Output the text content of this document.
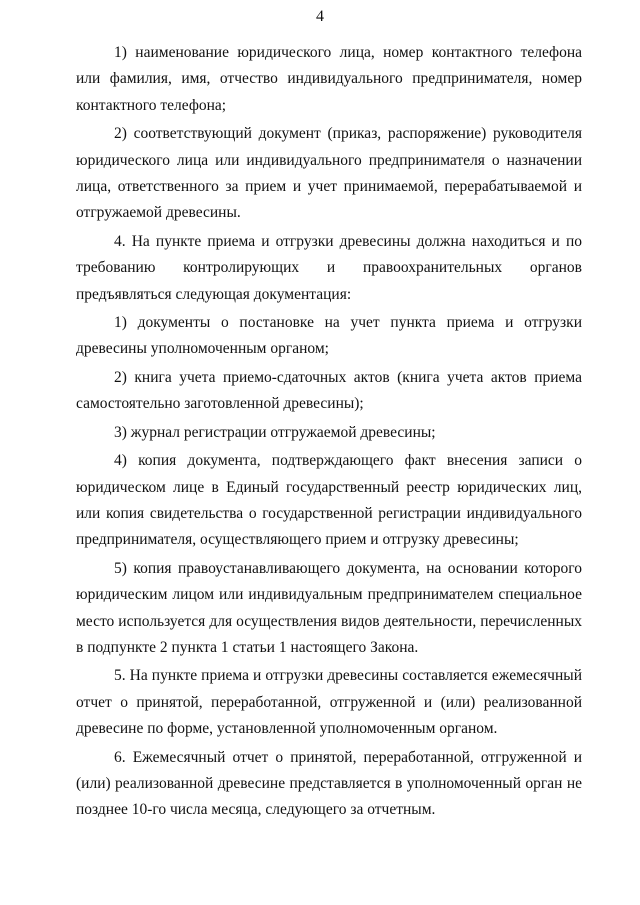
4

1) наименование юридического лица, номер контактного телефона или фамилия, имя, отчество индивидуального предпринимателя, номер контактного телефона;

2) соответствующий документ (приказ, распоряжение) руководителя юридического лица или индивидуального предпринимателя о назначении лица, ответственного за прием и учет принимаемой, перерабатываемой и отгружаемой древесины.

4. На пункте приема и отгрузки древесины должна находиться и по требованию контролирующих и правоохранительных органов предъявляться следующая документация:

1) документы о постановке на учет пункта приема и отгрузки древесины уполномоченным органом;

2) книга учета приемо-сдаточных актов (книга учета актов приема самостоятельно заготовленной древесины);

3) журнал регистрации отгружаемой древесины;

4) копия документа, подтверждающего факт внесения записи о юридическом лице в Единый государственный реестр юридических лиц, или копия свидетельства о государственной регистрации индивидуального предпринимателя, осуществляющего прием и отгрузку древесины;

5) копия правоустанавливающего документа, на основании которого юридическим лицом или индивидуальным предпринимателем специальное место используется для осуществления видов деятельности, перечисленных в подпункте 2 пункта 1 статьи 1 настоящего Закона.

5. На пункте приема и отгрузки древесины составляется ежемесячный отчет о принятой, переработанной, отгруженной и (или) реализованной древесине по форме, установленной уполномоченным органом.

6. Ежемесячный отчет о принятой, переработанной, отгруженной и (или) реализованной древесине представляется в уполномоченный орган не позднее 10-го числа месяца, следующего за отчетным.
